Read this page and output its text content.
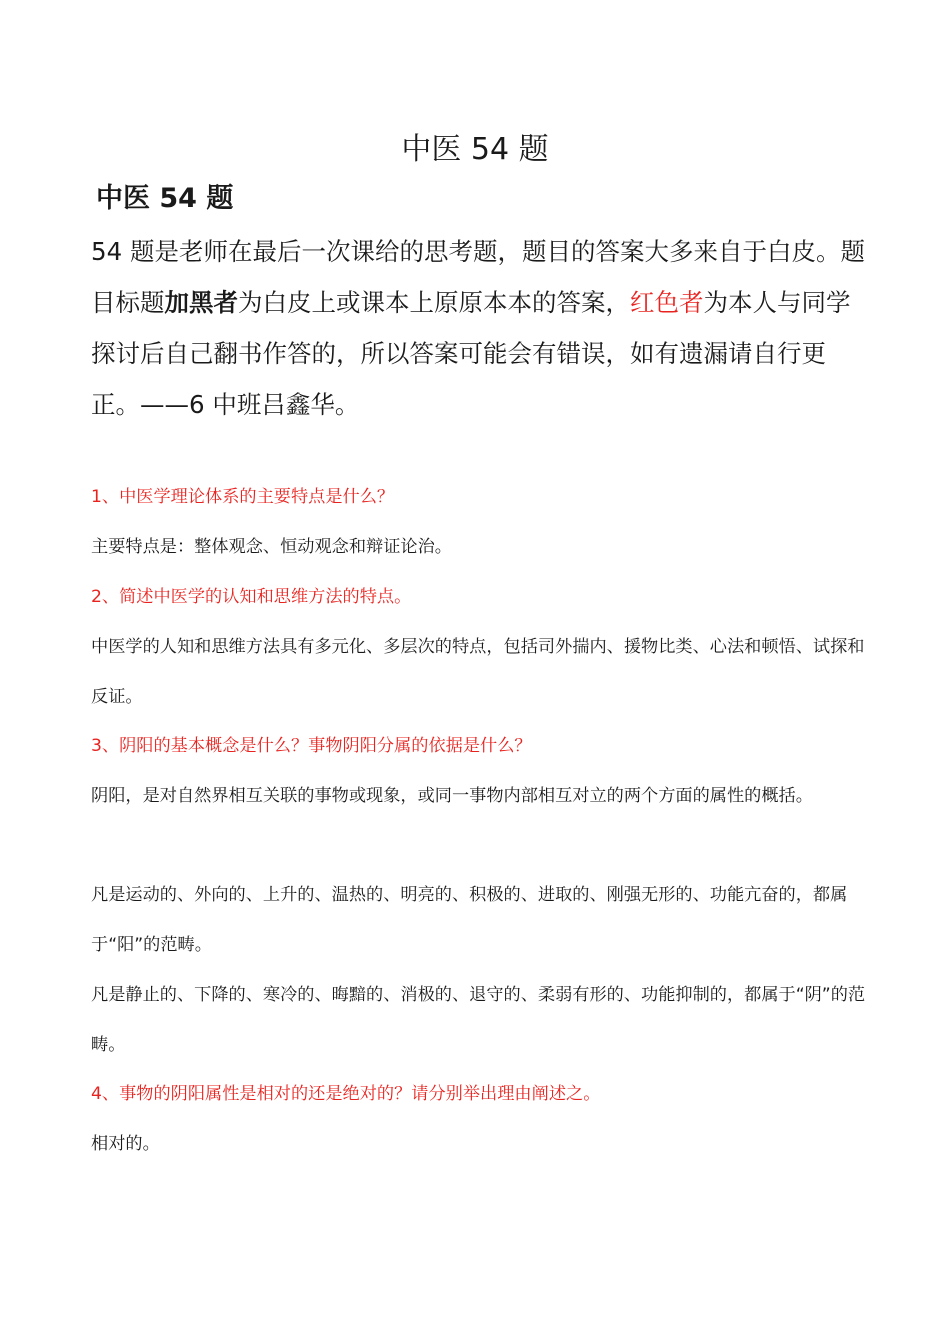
中医 54 题
中医 54 题

54 题是老师在最后一次课给的思考题，题目的答案大多来自于白皮。题目标题加黑者为白皮上或课本上原原本本的答案，红色者为本人与同学探讨后自己翻书作答的，所以答案可能会有错误，如有遗漏请自行更正。——6 中班吕鑫华。

1、中医学理论体系的主要特点是什么？

主要特点是：整体观念、恒动观念和辩证论治。

2、简述中医学的认知和思维方法的特点。

中医学的人知和思维方法具有多元化、多层次的特点，包括司外揣内、援物比类、心法和顿悟、试探和反证。

3、阴阳的基本概念是什么？事物阴阳分属的依据是什么？

阴阳，是对自然界相互关联的事物或现象，或同一事物内部相互对立的两个方面的属性的概括。

凡是运动的、外向的、上升的、温热的、明亮的、积极的、进取的、刚强无形的、功能亢奋的，都属于“阳”的范畴。

凡是静止的、下降的、寒冷的、晦黯的、消极的、退守的、柔弱有形的、功能抑制的，都属于“阴”的范畴。

4、事物的阴阳属性是相对的还是绝对的？请分别举出理由阐述之。

相对的。
